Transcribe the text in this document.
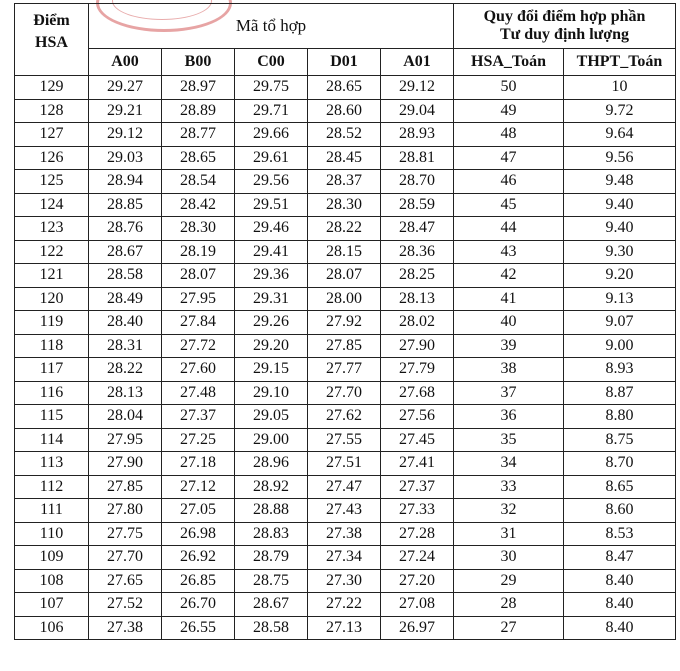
Điểm HSA	Mã tổ hợp					Quy đổi điểm hợp phần
Tư duy định lượng	

	A00	B00	C00	D01	A01	HSA_Toán	THPT_Toán
129	29.27	28.97	29.75	28.65	29.12	50	10
128	29.21	28.89	29.71	28.60	29.04	49	9.72
127	29.12	28.77	29.66	28.52	28.93	48	9.64
126	29.03	28.65	29.61	28.45	28.81	47	9.56
125	28.94	28.54	29.56	28.37	28.70	46	9.48
124	28.85	28.42	29.51	28.30	28.59	45	9.40
123	28.76	28.30	29.46	28.22	28.47	44	9.40
122	28.67	28.19	29.41	28.15	28.36	43	9.30
121	28.58	28.07	29.36	28.07	28.25	42	9.20
120	28.49	27.95	29.31	28.00	28.13	41	9.13
119	28.40	27.84	29.26	27.92	28.02	40	9.07
118	28.31	27.72	29.20	27.85	27.90	39	9.00
117	28.22	27.60	29.15	27.77	27.79	38	8.93
116	28.13	27.48	29.10	27.70	27.68	37	8.87
115	28.04	27.37	29.05	27.62	27.56	36	8.80
114	27.95	27.25	29.00	27.55	27.45	35	8.75
113	27.90	27.18	28.96	27.51	27.41	34	8.70
112	27.85	27.12	28.92	27.47	27.37	33	8.65
111	27.80	27.05	28.88	27.43	27.33	32	8.60
110	27.75	26.98	28.83	27.38	27.28	31	8.53
109	27.70	26.92	28.79	27.34	27.24	30	8.47
108	27.65	26.85	28.75	27.30	27.20	29	8.40
107	27.52	26.70	28.67	27.22	27.08	28	8.40
106	27.38	26.55	28.58	27.13	26.97	27	8.40
